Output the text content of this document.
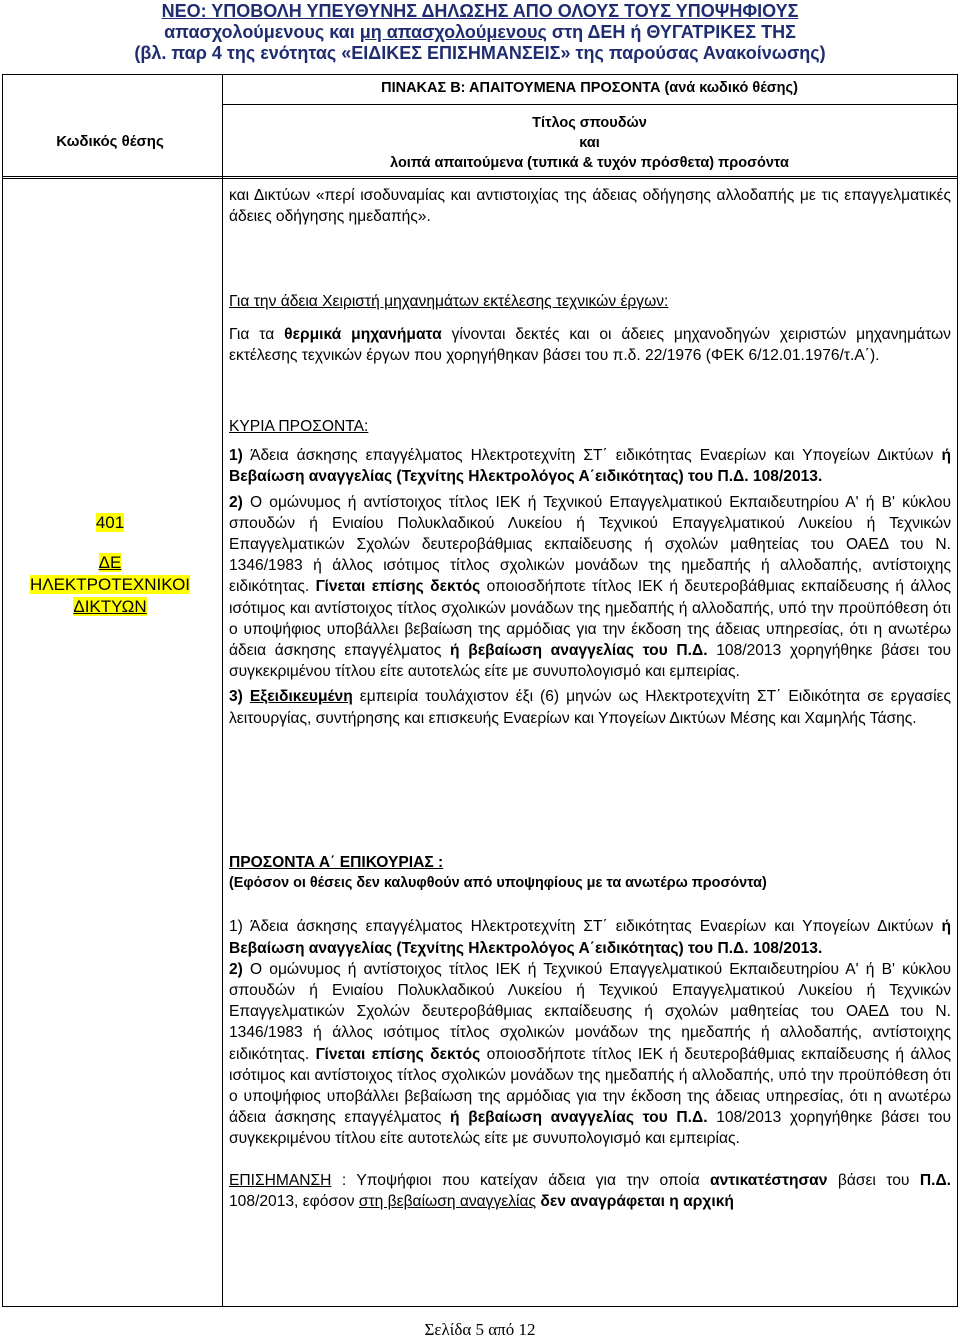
ΝΕΟ: ΥΠΟΒΟΛΗ ΥΠΕΥΘΥΝΗΣ ΔΗΛΩΣΗΣ ΑΠΟ ΟΛΟΥΣ ΤΟΥΣ ΥΠΟΨΗΦΙΟΥΣ
απασχολούμενους και μη απασχολούμενους στη ΔΕΗ ή ΘΥΓΑΤΡΙΚΕΣ ΤΗΣ
(βλ. παρ 4 της ενότητας «ΕΙΔΙΚΕΣ ΕΠΙΣΗΜΑΝΣΕΙΣ» της παρούσας Ανακοίνωσης)
ΠΙΝΑΚΑΣ Β: ΑΠΑΙΤΟΥΜΕΝΑ ΠΡΟΣΟΝΤΑ (ανά κωδικό θέσης)
Κωδικός θέσης
Τίτλος σπουδών
και
λοιπά απαιτούμενα (τυπικά & τυχόν πρόσθετα) προσόντα
401
ΔΕ
ΗΛΕΚΤΡΟΤΕΧΝΙΚΟΙ
ΔΙΚΤΥΩΝ

και Δικτύων «περί ισοδυναμίας και αντιστοιχίας της άδειας οδήγησης αλλοδαπής με τις επαγγελματικές άδειες οδήγησης ημεδαπής».

Για την άδεια Χειριστή μηχανημάτων εκτέλεσης τεχνικών έργων:

Για τα θερμικά μηχανήματα γίνονται δεκτές και οι άδειες μηχανοδηγών χειριστών μηχανημάτων εκτέλεσης τεχνικών έργων που χορηγήθηκαν βάσει του π.δ. 22/1976 (ΦΕΚ 6/12.01.1976/τ.Α΄).

ΚΥΡΙΑ ΠΡΟΣΟΝΤΑ:

1) Άδεια άσκησης επαγγέλματος Ηλεκτροτεχνίτη ΣΤ΄ ειδικότητας Εναερίων και Υπογείων Δικτύων ή Βεβαίωση αναγγελίας (Τεχνίτης Ηλεκτρολόγος Α΄ειδικότητας) του Π.Δ. 108/2013.

2) Ο ομώνυμος ή αντίστοιχος τίτλος ΙΕΚ ή Τεχνικού Επαγγελματικού Εκπαιδευτηρίου Α' ή Β' κύκλου σπουδών ή Ενιαίου Πολυκλαδικού Λυκείου ή Τεχνικού Επαγγελματικού Λυκείου ή Τεχνικών Επαγγελματικών Σχολών δευτεροβάθμιας εκπαίδευσης ή σχολών μαθητείας του ΟΑΕΔ του Ν. 1346/1983 ή άλλος ισότιμος τίτλος σχολικών μονάδων της ημεδαπής ή αλλοδαπής, αντίστοιχης ειδικότητας. Γίνεται επίσης δεκτός οποιοσδήποτε τίτλος ΙΕΚ ή δευτεροβάθμιας εκπαίδευσης ή άλλος ισότιμος και αντίστοιχος τίτλος σχολικών μονάδων της ημεδαπής ή αλλοδαπής, υπό την προϋπόθεση ότι ο υποψήφιος υποβάλλει βεβαίωση της αρμόδιας για την έκδοση της άδειας υπηρεσίας, ότι η ανωτέρω άδεια άσκησης επαγγέλματος ή βεβαίωση αναγγελίας του Π.Δ. 108/2013 χορηγήθηκε βάσει του συγκεκριμένου τίτλου είτε αυτοτελώς είτε με συνυπολογισμό και εμπειρίας.

3) Εξειδικευμένη εμπειρία τουλάχιστον έξι (6) μηνών ως Ηλεκτροτεχνίτη ΣΤ΄ Ειδικότητα σε εργασίες λειτουργίας, συντήρησης και επισκευής Εναερίων και Υπογείων Δικτύων Μέσης και Χαμηλής Τάσης.

ΠΡΟΣΟΝΤΑ Α΄ ΕΠΙΚΟΥΡΙΑΣ :

(Εφόσον οι θέσεις δεν καλυφθούν από υποψηφίους με τα ανωτέρω προσόντα)

1) Άδεια άσκησης επαγγέλματος Ηλεκτροτεχνίτη ΣΤ΄ ειδικότητας Εναερίων και Υπογείων Δικτύων ή Βεβαίωση αναγγελίας (Τεχνίτης Ηλεκτρολόγος Α΄ειδικότητας) του Π.Δ. 108/2013.

2) Ο ομώνυμος ή αντίστοιχος τίτλος ΙΕΚ ή Τεχνικού Επαγγελματικού Εκπαιδευτηρίου Α' ή Β' κύκλου σπουδών ή Ενιαίου Πολυκλαδικού Λυκείου ή Τεχνικού Επαγγελματικού Λυκείου ή Τεχνικών Επαγγελματικών Σχολών δευτεροβάθμιας εκπαίδευσης ή σχολών μαθητείας του ΟΑΕΔ του Ν. 1346/1983 ή άλλος ισότιμος τίτλος σχολικών μονάδων της ημεδαπής ή αλλοδαπής, αντίστοιχης ειδικότητας. Γίνεται επίσης δεκτός οποιοσδήποτε τίτλος ΙΕΚ ή δευτεροβάθμιας εκπαίδευσης ή άλλος ισότιμος και αντίστοιχος τίτλος σχολικών μονάδων της ημεδαπής ή αλλοδαπής, υπό την προϋπόθεση ότι ο υποψήφιος υποβάλλει βεβαίωση της αρμόδιας για την έκδοση της άδειας υπηρεσίας, ότι η ανωτέρω άδεια άσκησης επαγγέλματος ή βεβαίωση αναγγελίας του Π.Δ. 108/2013 χορηγήθηκε βάσει του συγκεκριμένου τίτλου είτε αυτοτελώς είτε με συνυπολογισμό και εμπειρίας.

ΕΠΙΣΗΜΑΝΣΗ : Υποψήφιοι που κατείχαν άδεια για την οποία αντικατέστησαν βάσει του Π.Δ. 108/2013, εφόσον στη βεβαίωση αναγγελίας δεν αναγράφεται η αρχική

Σελίδα 5 από 12
